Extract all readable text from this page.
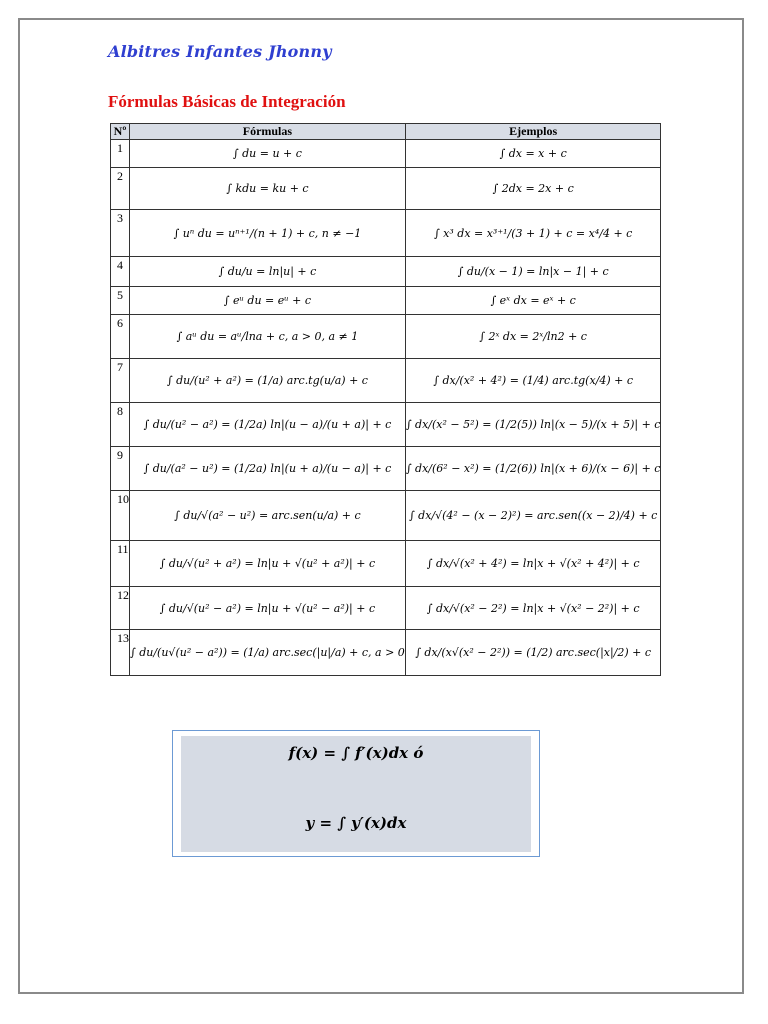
Albitres Infantes Jhonny
Fórmulas Básicas de Integración
Nº	Fórmulas	Ejemplos
1	∫ du = u + c	∫ dx = x + c
2	∫ kdu = ku + c	∫ 2dx = 2x + c
3	∫ uⁿ du = uⁿ⁺¹/(n + 1) + c, n ≠ −1	∫ x³ dx = x³⁺¹/(3 + 1) + c = x⁴/4 + c
4	∫ du/u = ln|u| + c	∫ du/(x − 1) = ln|x − 1| + c
5	∫ eᵘ du = eᵘ + c	∫ eˣ dx = eˣ + c
6	∫ aᵘ du = aᵘ/lna + c, a > 0, a ≠ 1	∫ 2ˣ dx = 2ˣ/ln2 + c
7	∫ du/(u² + a²) = (1/a) arc.tg(u/a) + c	∫ dx/(x² + 4²) = (1/4) arc.tg(x/4) + c
8	∫ du/(u² − a²) = (1/2a) ln|(u − a)/(u + a)| + c	∫ dx/(x² − 5²) = (1/2(5)) ln|(x − 5)/(x + 5)| + c
9	∫ du/(a² − u²) = (1/2a) ln|(u + a)/(u − a)| + c	∫ dx/(6² − x²) = (1/2(6)) ln|(x + 6)/(x − 6)| + c
10	∫ du/√(a² − u²) = arc.sen(u/a) + c	∫ dx/√(4² − (x − 2)²) = arc.sen((x − 2)/4) + c
11	∫ du/√(u² + a²) = ln|u + √(u² + a²)| + c	∫ dx/√(x² + 4²) = ln|x + √(x² + 4²)| + c
12	∫ du/√(u² − a²) = ln|u + √(u² − a²)| + c	∫ dx/√(x² − 2²) = ln|x + √(x² − 2²)| + c
13	∫ du/(u√(u² − a²)) = (1/a) arc.sec(|u|/a) + c, a > 0	∫ dx/(x√(x² − 2²)) = (1/2) arc.sec(|x|/2) + c
f(x) = ∫ f′(x)dx ó
y = ∫ y′(x)dx
